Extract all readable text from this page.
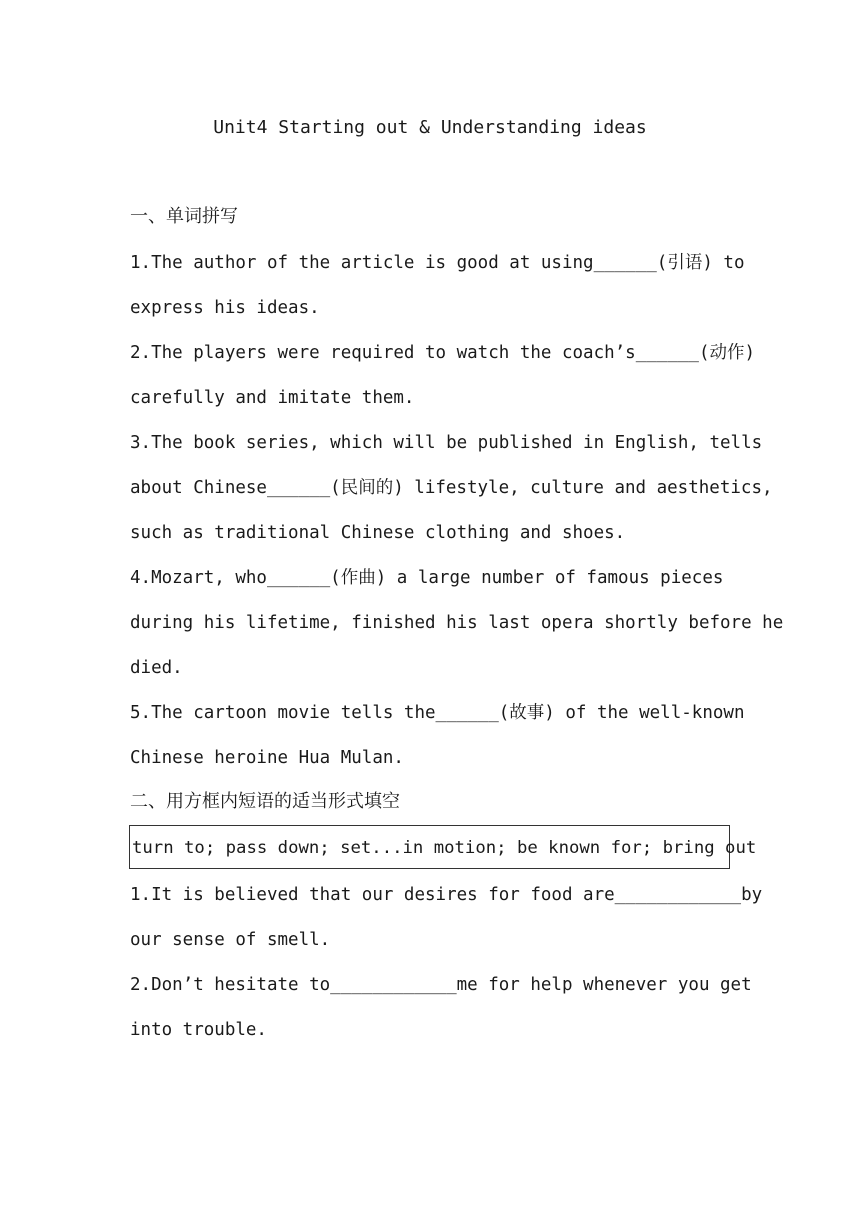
Unit4 Starting out & Understanding ideas
一、单词拼写
1.The author of the article is good at using______(引语) to
express his ideas.
2.The players were required to watch the coach’s______(动作)
carefully and imitate them.
3.The book series, which will be published in English, tells
about Chinese______(民间的) lifestyle, culture and aesthetics,
such as traditional Chinese clothing and shoes.
4.Mozart, who______(作曲) a large number of famous pieces
during his lifetime, finished his last opera shortly before he
died.
5.The cartoon movie tells the______(故事) of the well-known
Chinese heroine Hua Mulan.
二、用方框内短语的适当形式填空
turn to; pass down; set...in motion; be known for; bring out
1.It is believed that our desires for food are____________by
our sense of smell.
2.Don’t hesitate to____________me for help whenever you get
into trouble.
